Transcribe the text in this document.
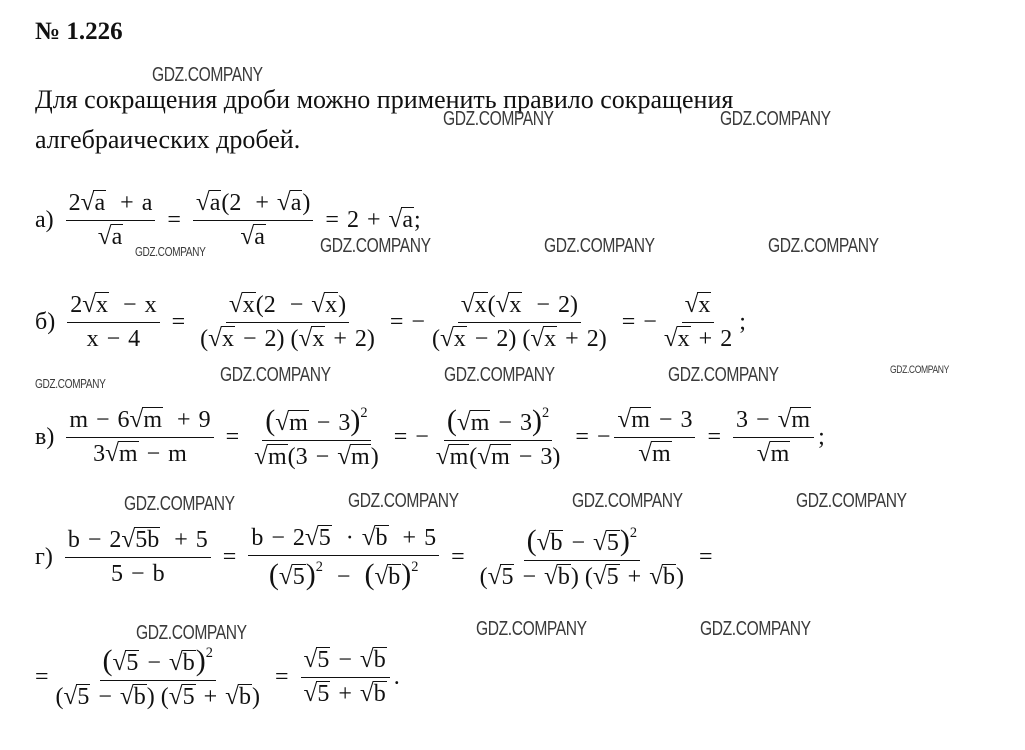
№ 1.226
Для сокращения дроби можно применить правило сокращения алгебраических дробей.
$а) \frac{2 √ a + a}{√ a} = \frac{√ a (2 + √ a )}{√ a} = 2$ + √ a ;
$б) \frac{2 √ x - x}{x - 4} = \frac{√ x (2 - √ x )}{( √ x - 2) ( √ x + 2)}$ = − $\frac{√ x ( √ x - 2)}{( √ x - 2) ( √ x + 2)}$ = − $\frac{√ x}{√ x + 2}$ ;
$в) \frac{m - 6 √ m + 9}{3 √ m - m} = \frac{( √ m - 3)^2}{√ m (3 - √ m )}$ = − $\frac{( √ m - 3)^2}{√ m ( √ m - 3)}$ = − $\frac{√ m - 3}{√ m} = \frac{3 - √ m}{√ m}$ ;
$г) \frac{b - 2 √ 5b + 5}{5 - b} = \frac{b - 2 √ 5 \cdot √ b + 5}{( √ 5 )^2 - ( √ b )^2} = \frac{( √ b - √ 5 )^2}{( √ 5 - √ b ) ( √ 5 + √ b )}$ =
= $\frac{( √ 5 - √ b )^2}{( √ 5 - √ b ) ( √ 5 + √ b )} = \frac{√ 5 - √ b}{√ 5 + √ b}$ .
GDZ.COMPANY
GDZ.COMPANY	GDZ.COMPANY
GDZ.COMPANY	GDZ.COMPANY	GDZ.COMPANY	GDZ.COMPANY
GDZ.COMPANY	GDZ.COMPANY	GDZ.COMPANY	GDZ.COMPANY	GDZ.COMPANY
GDZ.COMPANY	GDZ.COMPANY	GDZ.COMPANY	GDZ.COMPANY
GDZ.COMPANY	GDZ.COMPANY	GDZ.COMPANY
